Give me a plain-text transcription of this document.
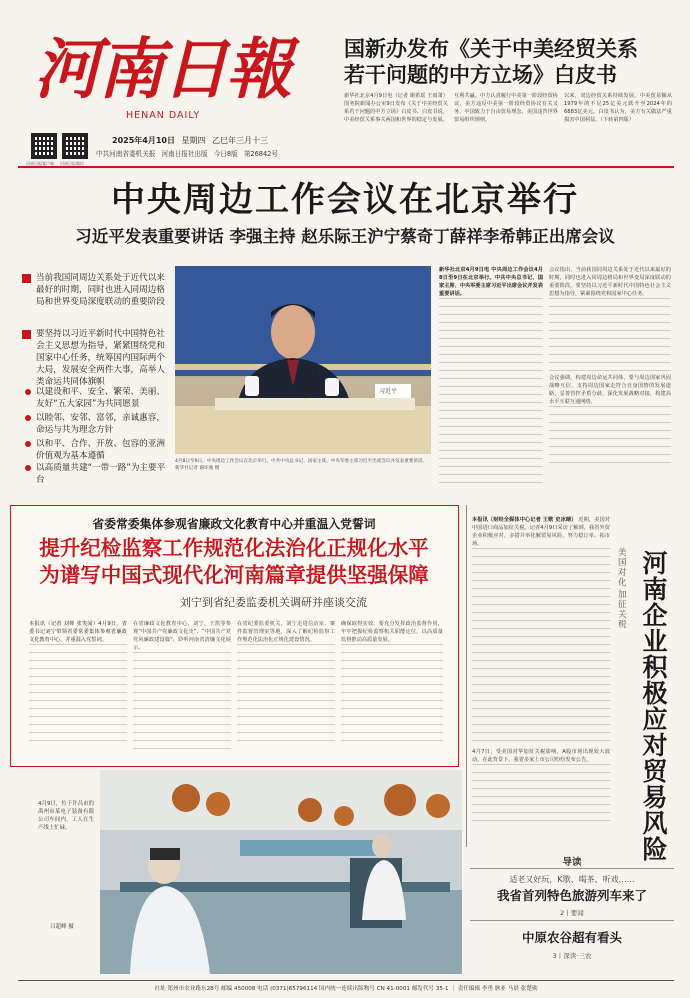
河南日報
HENAN DAILY
河南日报客户端 河南日报微信
2025年4月10日 星期四 乙巳年三月十三
中共河南省委机关报 河南日报社出版 今日8版 第26842号
国新办发布《关于中美经贸关系
若干问题的中方立场》白皮书
新华社北京4月9日电（记者 谢希瑶 王雨萧）国务院新闻办公室9日发布《关于中美经贸关系若干问题的中方立场》白皮书。白皮书说，中美经贸关系事关两国和世界的稳定与发展。
互利共赢。中方认真履行中美第一阶段经贸协议，美方违反中美第一阶段经贸协议有关义务。中国致力于自由贸易理念，美国违背世界贸易组织规则。
以来，双边经贸关系持续发展。中美贸易额从1979年的不足25亿美元跃升至2024年的6883亿美元。白皮书认为，美方有关做法严重损害中国利益。（下转第四版）
中央周边工作会议在北京举行
习近平发表重要讲话 李强主持 赵乐际王沪宁蔡奇丁薛祥李希韩正出席会议
当前我国同周边关系处于近代以来最好的时期，同时也进入同周边格局和世界变局深度联动的重要阶段
要坚持以习近平新时代中国特色社会主义思想为指导，紧紧围绕党和国家中心任务，统筹国内国际两个大局，发展安全两件大事，高举人类命运共同体旗帜
以建设和平、安全、繁荣、美丽、友好“五大家园”为共同愿景
以睦邻、安邻、富邻，亲诚惠容，命运与共为理念方针
以和平、合作、开放、包容的亚洲价值观为基本遵循
以高质量共建“一带一路”为主要平台
习近平
4月8日至9日，中央周边工作会议在北京举行。中共中央总书记、国家主席、中央军委主席习近平出席会议并发表重要讲话。新华社记者 谢环驰 摄
新华社北京4月9日电 中央周边工作会议4月8日至9日在北京举行。中共中央总书记、国家主席、中央军委主席习近平出席会议并发表重要讲话。
会议指出，当前我国同周边关系处于近代以来最好的时期，同时也进入同周边格局和世界变局深度联动的重要阶段。要坚持以习近平新时代中国特色社会主义思想为指导，紧紧围绕党和国家中心任务。
会议强调，构建周边命运共同体，要与周边国家巩固战略互信，支持周边国家走符合自身国情的发展道路，妥善管控矛盾分歧，深化发展战略对接，构建高水平互联互通网络。
省委常委集体参观省廉政文化教育中心并重温入党誓词
提升纪检监察工作规范化法治化正规化水平
为谱写中国式现代化河南篇章提供坚强保障
刘宁到省纪委监委机关调研并座谈交流
本报讯（记者 刘婵 张笑闻）4月9日，省委书记刘宁带领省委常委集体参观省廉政文化教育中心，并重温入党誓词。
在省廉政文化教育中心，刘宁、王凯等参观“中国共产党廉政文化史”、“中国共产党党风廉政建设篇”，聆听河南省清廉文化展示。
在省纪委监委机关，刘宁走进信访室、案件监督管理室等地，深入了解纪检监察工作规范化法治化正规化建设情况。
确保取得实效。要充分发挥政治监督作用，牢牢把握纪检监察机关职能定位，以高质量监督推动高质量发展。
本报讯（财经全媒体中心记者 王歌 史冰睛） 近期，美国对中国进口商品加征关税。记者4月9日采访了解到，我省外贸企业积极应对，多措并举化解贸易风险，努力稳订单、拓市场。
4月7日，受美国对华加征关税影响，A股市场出现较大波动。在此背景下，我省多家上市公司纷纷发布公告。
美国对化
加征关税 河南企业积极应对贸易风险
4月9日，位于许昌市的禹州市某电子装备有限公司车间内，工人在生产线上忙碌。
吕超峰 摄
导读
适老又好玩，K歌、喝茶、听戏……
我省首列特色旅游列车来了
2丨要闻
中原农谷超有看头
3丨深读·三农
社址 郑州市农业路东28号 邮编 450008 电话 (0371)65796114 国内统一连续出版物号 CN 41-0001 邮发代号 35-1 ｜ 责任编辑 李勇 耿亚 马晨 张楚勋
